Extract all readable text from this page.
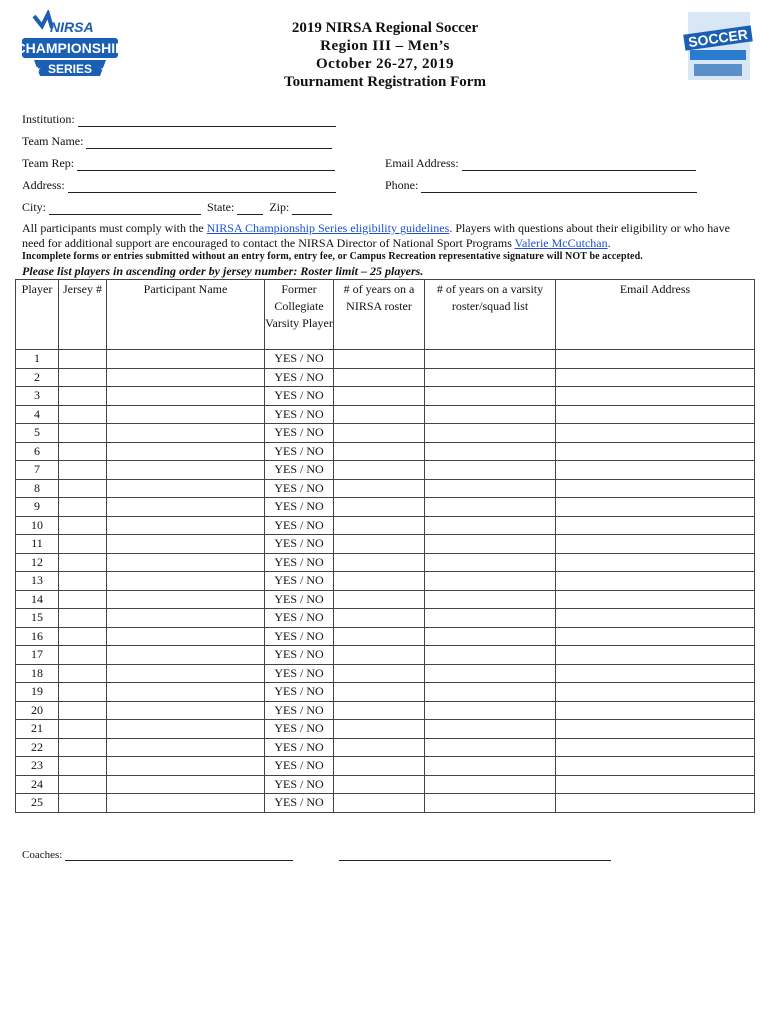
NIRSA
CHAMPIONSHIP
SERIES
★	★
SOCCER
2019 NIRSA Regional Soccer
Region III – Men’s
October 26-27, 2019
Tournament Registration Form
Institution:
Team Name:
Team Rep:	Email Address:
Address:	Phone:
City:	State:	Zip:
All participants must comply with the NIRSA Championship Series eligibility guidelines. Players with questions about their eligibility or who have need for additional support are encouraged to contact the NIRSA Director of National Sport Programs Valerie McCutchan.
Incomplete forms or entries submitted without an entry form, entry fee, or Campus Recreation representative signature will NOT be accepted.
Please list players in ascending order by jersey number: Roster limit – 25 players.
Player	Jersey #	Participant Name	Former Collegiate Varsity Player	# of years on a NIRSA roster	# of years on a varsity roster/squad list	Email Address
1			YES / NO			
2			YES / NO			
3			YES / NO			
4			YES / NO			
5			YES / NO			
6			YES / NO			
7			YES / NO			
8			YES / NO			
9			YES / NO			
10			YES / NO			
11			YES / NO			
12			YES / NO			
13			YES / NO			
14			YES / NO			
15			YES / NO			
16			YES / NO			
17			YES / NO			
18			YES / NO			
19			YES / NO			
20			YES / NO			
21			YES / NO			
22			YES / NO			
23			YES / NO			
24			YES / NO			
25			YES / NO			
Coaches:
